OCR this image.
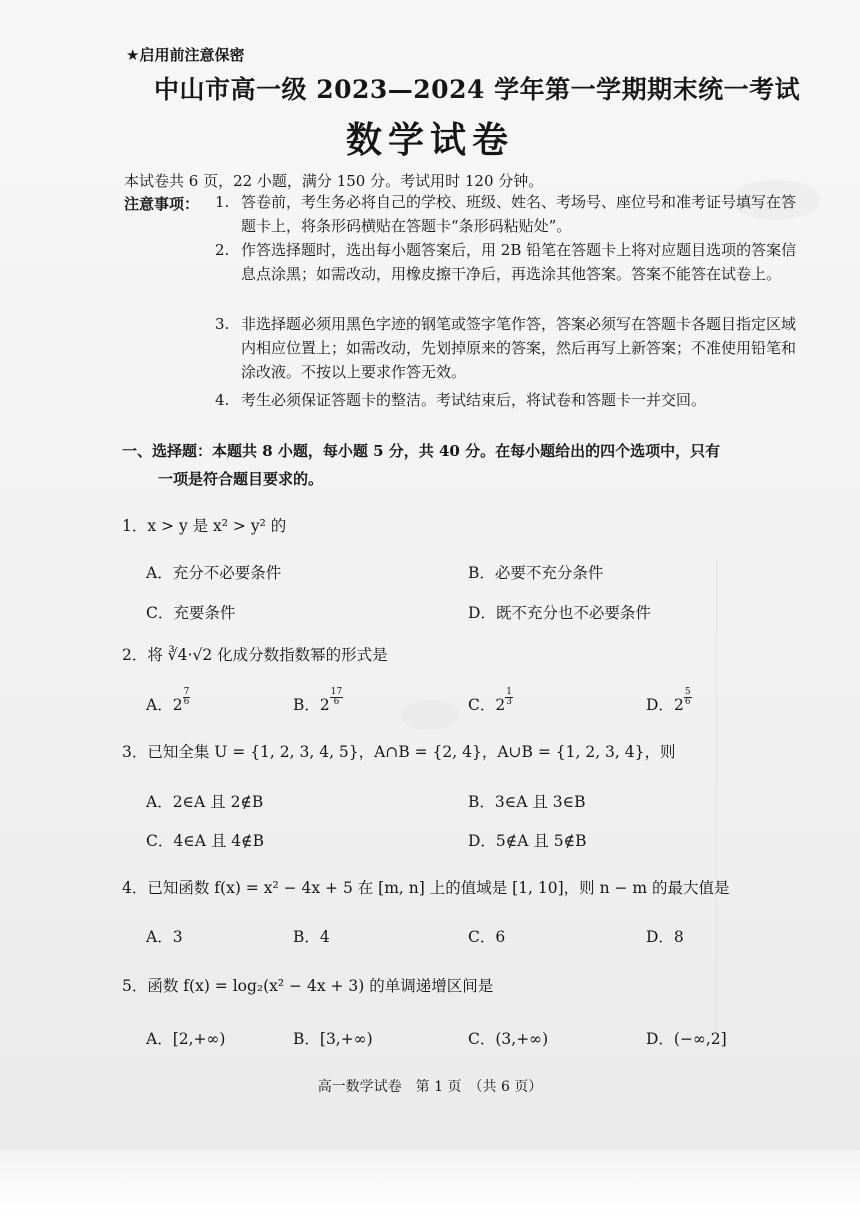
★启用前注意保密
中山市高一级 2023—2024 学年第一学期期末统一考试
数学试卷
本试卷共 6 页，22 小题，满分 150 分。考试用时 120 分钟。
注意事项： 1. 答卷前，考生务必将自己的学校、班级、姓名、考场号、座位号和准考证号填写在答题卡上，将条形码横贴在答题卡“条形码粘贴处”。
2. 作答选择题时，选出每小题答案后，用 2B 铅笔在答题卡上将对应题目选项的答案信息点涂黑；如需改动，用橡皮擦干净后，再选涂其他答案。答案不能答在试卷上。
3. 非选择题必须用黑色字迹的钢笔或签字笔作答，答案必须写在答题卡各题目指定区域内相应位置上；如需改动，先划掉原来的答案，然后再写上新答案；不准使用铅笔和涂改液。不按以上要求作答无效。
4. 考生必须保证答题卡的整洁。考试结束后，将试卷和答题卡一并交回。
一、选择题：本题共 8 小题，每小题 5 分，共 40 分。在每小题给出的四个选项中，只有
一项是符合题目要求的。
1．x > y 是 x² > y² 的
A．充分不必要条件	B．必要不充分条件
C．充要条件	D．既不充分也不必要条件
2．将 ∛4·√2 化成分数指数幂的形式是
A．$2 \frac{7}{6}$	B．$2 \frac{17}{6}$	C．$2 \frac{1}{3}$	D．$2 \frac{5}{6}$
3．已知全集 U = {1, 2, 3, 4, 5}，A∩B = {2, 4}，A∪B = {1, 2, 3, 4}，则
A．2∈A 且 2∉B	B．3∈A 且 3∈B
C．4∈A 且 4∉B	D．5∉A 且 5∉B
4．已知函数 f(x) = x² − 4x + 5 在 [m, n] 上的值域是 [1, 10]，则 n − m 的最大值是
A．3	B．4	C．6	D．8
5．函数 f(x) = log₂(x² − 4x + 3) 的单调递增区间是
A．[2,+∞)	B．[3,+∞)	C．(3,+∞)	D．(−∞,2]
高一数学试卷　第 1 页　（共 6 页）
